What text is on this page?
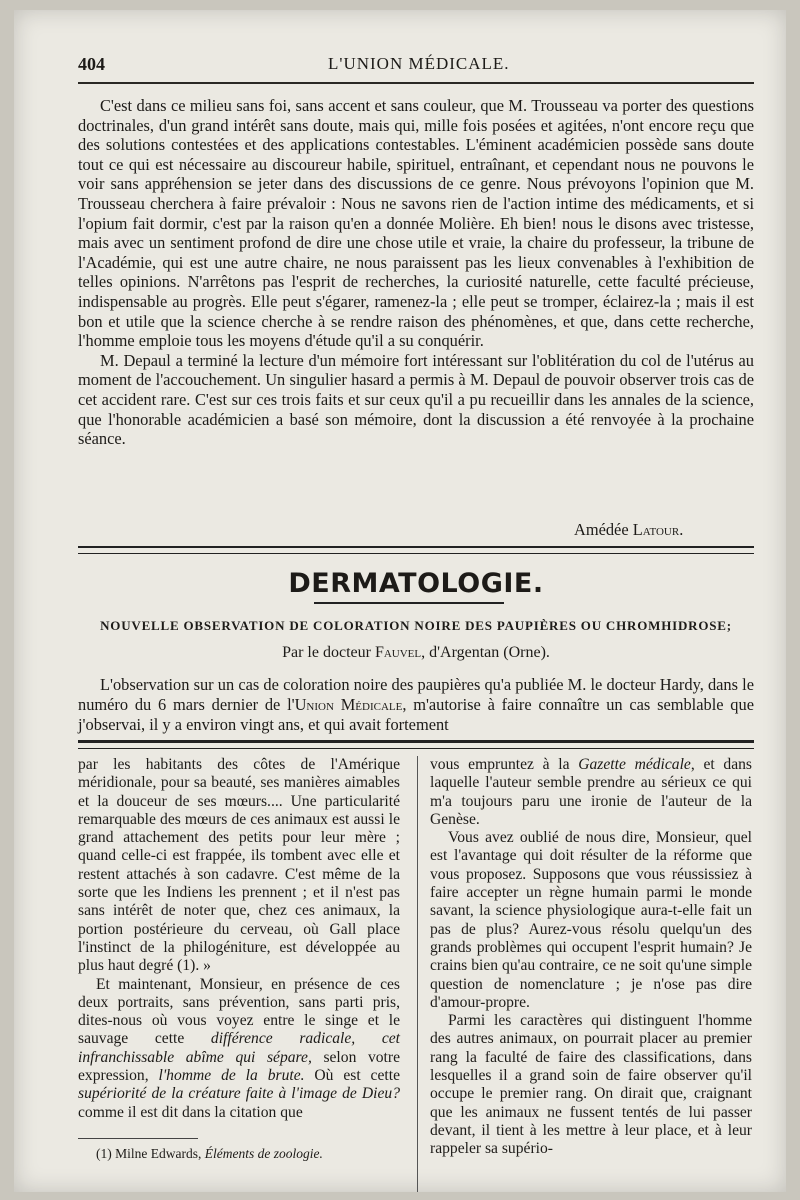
404	L'UNION MÉDICALE.

C'est dans ce milieu sans foi, sans accent et sans couleur, que M. Trousseau va porter des questions doctrinales, d'un grand intérêt sans doute, mais qui, mille fois posées et agitées, n'ont encore reçu que des solutions contestées et des applications contestables. L'éminent académicien possède sans doute tout ce qui est nécessaire au discoureur habile, spirituel, entraînant, et cependant nous ne pouvons le voir sans appréhension se jeter dans des discussions de ce genre. Nous prévoyons l'opinion que M. Trousseau cherchera à faire prévaloir : Nous ne savons rien de l'action intime des médicaments, et si l'opium fait dormir, c'est par la raison qu'en a donnée Molière. Eh bien! nous le disons avec tristesse, mais avec un sentiment profond de dire une chose utile et vraie, la chaire du professeur, la tribune de l'Académie, qui est une autre chaire, ne nous paraissent pas les lieux convenables à l'exhibition de telles opinions. N'arrêtons pas l'esprit de recherches, la curiosité naturelle, cette faculté précieuse, indispensable au progrès. Elle peut s'égarer, ramenez-la ; elle peut se tromper, éclairez-la ; mais il est bon et utile que la science cherche à se rendre raison des phénomènes, et que, dans cette recherche, l'homme emploie tous les moyens d'étude qu'il a su conquérir.

M. Depaul a terminé la lecture d'un mémoire fort intéressant sur l'oblitération du col de l'utérus au moment de l'accouchement. Un singulier hasard a permis à M. Depaul de pouvoir observer trois cas de cet accident rare. C'est sur ces trois faits et sur ceux qu'il a pu recueillir dans les annales de la science, que l'honorable académicien a basé son mémoire, dont la discussion a été renvoyée à la prochaine séance.

Amédée Latour.
DERMATOLOGIE.
NOUVELLE OBSERVATION DE COLORATION NOIRE DES PAUPIÈRES OU CHROMHIDROSE;
Par le docteur Fauvel, d'Argentan (Orne).

L'observation sur un cas de coloration noire des paupières qu'a publiée M. le docteur Hardy, dans le numéro du 6 mars dernier de l'Union Médicale, m'autorise à faire connaître un cas semblable que j'observai, il y a environ vingt ans, et qui avait fortement

par les habitants des côtes de l'Amérique méridionale, pour sa beauté, ses manières aimables et la douceur de ses mœurs.... Une particularité remarquable des mœurs de ces animaux est aussi le grand attachement des petits pour leur mère ; quand celle-ci est frappée, ils tombent avec elle et restent attachés à son cadavre. C'est même de la sorte que les Indiens les prennent ; et il n'est pas sans intérêt de noter que, chez ces animaux, la portion postérieure du cerveau, où Gall place l'instinct de la philogéniture, est développée au plus haut degré (1). »

Et maintenant, Monsieur, en présence de ces deux portraits, sans prévention, sans parti pris, dites-nous où vous voyez entre le singe et le sauvage cette différence radicale, cet infranchissable abîme qui sépare, selon votre expression, l'homme de la brute. Où est cette supériorité de la créature faite à l'image de Dieu? comme il est dit dans la citation que

vous empruntez à la Gazette médicale, et dans laquelle l'auteur semble prendre au sérieux ce qui m'a toujours paru une ironie de l'auteur de la Genèse.

Vous avez oublié de nous dire, Monsieur, quel est l'avantage qui doit résulter de la réforme que vous proposez. Supposons que vous réussissiez à faire accepter un règne humain parmi le monde savant, la science physiologique aura-t-elle fait un pas de plus? Aurez-vous résolu quelqu'un des grands problèmes qui occupent l'esprit humain? Je crains bien qu'au contraire, ce ne soit qu'une simple question de nomenclature ; je n'ose pas dire d'amour-propre.

Parmi les caractères qui distinguent l'homme des autres animaux, on pourrait placer au premier rang la faculté de faire des classifications, dans lesquelles il a grand soin de faire observer qu'il occupe le premier rang. On dirait que, craignant que les animaux ne fussent tentés de lui passer devant, il tient à les mettre à leur place, et à leur rappeler sa supério-

(1) Milne Edwards, Éléments de zoologie.
